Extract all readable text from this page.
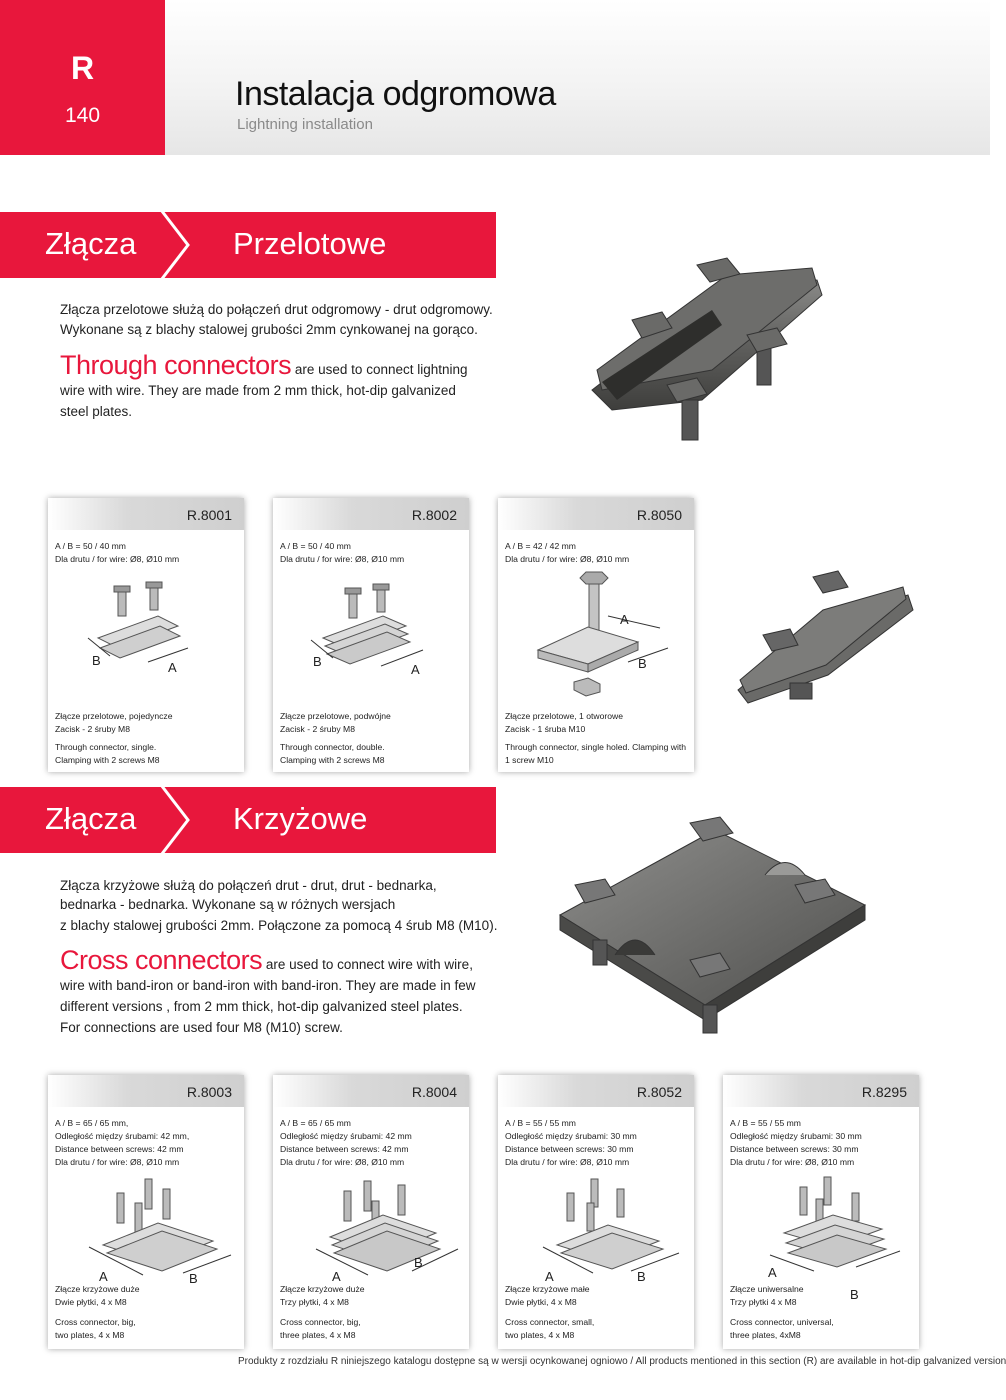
R
140
Instalacja odgromowa
Lightning installation
Złącza	Przelotowe
Złącza przelotowe służą do połączeń drut odgromowy - drut odgromowy.
Wykonane są z blachy stalowej grubości 2mm cynkowanej na gorąco.
Through connectors are used to connect lightning wire with wire. They are made from 2 mm thick, hot-dip galvanized steel plates.
R.8001
A / B = 50 / 40 mm
Dla drutu / for wire: Ø8, Ø10 mm
B	A
Złącze przelotowe, pojedyncze
Zacisk - 2 śruby M8
Through connector, single.
Clamping with 2 screws M8
R.8002
A / B = 50 / 40 mm
Dla drutu / for wire: Ø8, Ø10 mm
B
A
Złącze przelotowe, podwójne
Zacisk - 2 śruby M8
Through connector, double.
Clamping with 2 screws M8
R.8050
A / B = 42 / 42 mm
Dla drutu / for wire: Ø8, Ø10 mm
A
B
Złącze przelotowe, 1 otworowe
Zacisk - 1 śruba M10
Through connector, single holed. Clamping with
1 screw M10
Złącza	Krzyżowe
Złącza krzyżowe służą do połączeń drut - drut, drut - bednarka,
bednarka - bednarka. Wykonane są w różnych wersjach
z blachy stalowej grubości 2mm. Połączone za pomocą 4 śrub M8 (M10).
Cross connectors are used to connect wire with wire, wire with band-iron or band-iron with band-iron. They are made in few different versions , from 2 mm thick, hot-dip galvanized steel plates. For connections are used four M8 (M10) screw.
R.8003
A / B = 65 / 65 mm,
Odległość między śrubami: 42 mm,
Distance between screws: 42 mm
Dla drutu / for wire: Ø8, Ø10 mm
A	B
Złącze krzyżowe duże
Dwie płytki, 4 x M8
Cross connector, big,
two plates, 4 x M8
R.8004
A / B = 65 / 65 mm
Odległość między śrubami: 42 mm
Distance between screws: 42 mm
Dla drutu / for wire: Ø8, Ø10 mm
A
B
Złącze krzyżowe duże
Trzy płytki, 4 x M8
Cross connector, big,
three plates, 4 x M8
R.8052
A / B = 55 / 55 mm
Odległość między śrubami: 30 mm
Distance between screws: 30 mm
Dla drutu / for wire: Ø8, Ø10 mm
A	B
Złącze krzyżowe małe
Dwie płytki, 4 x M8
Cross connector, small,
two plates, 4 x M8
R.8295
A / B = 55 / 55 mm
Odległość między śrubami: 30 mm
Distance between screws: 30 mm
Dla drutu / for wire: Ø8, Ø10 mm
A
B
Złącze uniwersalne
Trzy płytki 4 x M8
Cross connector, universal,
three plates, 4xM8
Produkty z rozdziału R niniejszego katalogu dostępne są w wersji ocynkowanej ogniowo / All products mentioned in this section (R) are available in hot-dip galvanized version
